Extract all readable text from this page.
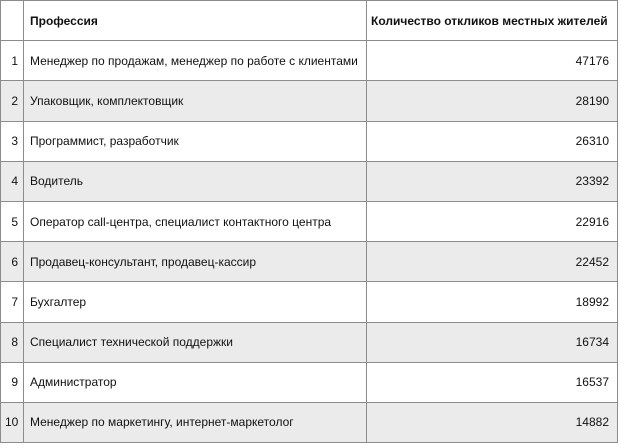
	Профессия	Количество откликов местных жителей
1	Менеджер по продажам, менеджер по работе с клиентами	47176
2	Упаковщик, комплектовщик	28190
3	Программист, разработчик	26310
4	Водитель	23392
5	Оператор call-центра, специалист контактного центра	22916
6	Продавец-консультант, продавец-кассир	22452
7	Бухгалтер	18992
8	Специалист технической поддержки	16734
9	Администратор	16537
10	Менеджер по маркетингу, интернет-маркетолог	14882
